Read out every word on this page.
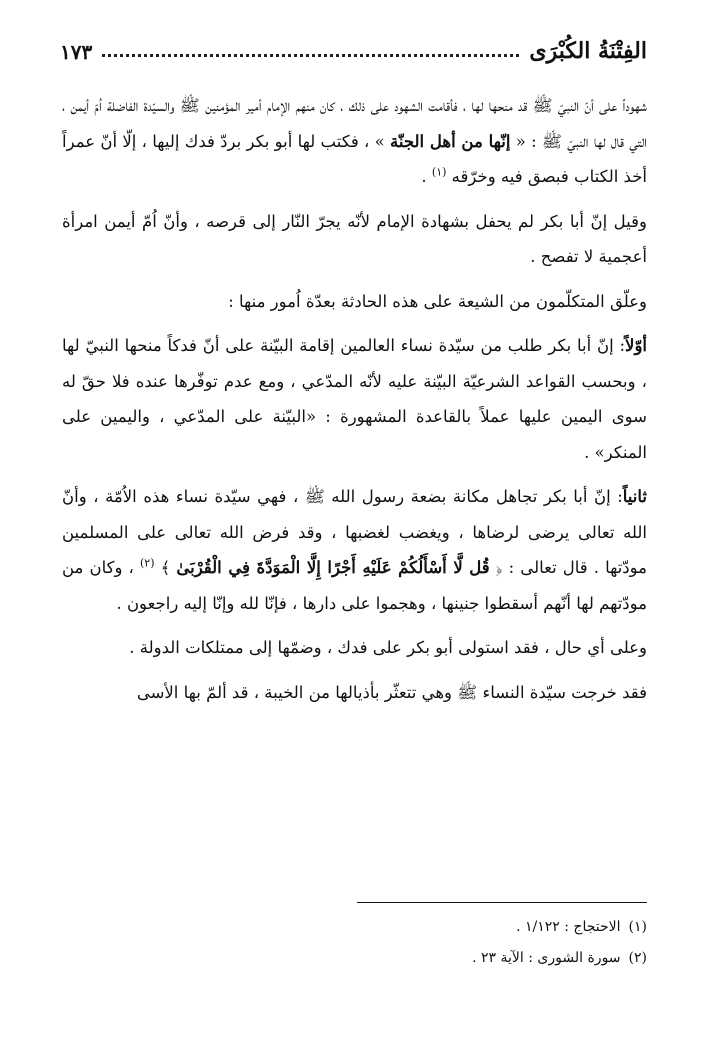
١٧٣	الفِتْنَةُ الكُبْرَى

شهوداً على أنّ النبيّ ﷺ قد منحها لها ، فأقامت الشهود على ذلك ، كان منهم الإمام أمير المؤمنين ﷺ والسيّدة الفاضلة اُمّ أيمن ، التي قال لها النبيّ ﷺ : « إنّها من أهل الجنّة » ، فكتب لها أبو بكر بردّ فدك إليها ، إلّا أنّ عمراً أخذ الكتاب فبصق فيه وخرّقه $^{(١)}$ .

وقيل إنّ أبا بكر لم يحفل بشهادة الإمام لأنّه يجرّ النّار إلى قرصه ، وأنّ اُمّ أيمن امرأة أعجمية لا تفصح .

وعلّق المتكلّمون من الشيعة على هذه الحادثة بعدّة اُمور منها :

أوّلاً: إنّ أبا بكر طلب من سيّدة نساء العالمين إقامة البيّنة على أنّ فدكاً منحها النبيّ لها ، وبحسب القواعد الشرعيّة البيّنة عليه لأنّه المدّعي ، ومع عدم توفّرها عنده فلا حقّ له سوى اليمين عليها عملاً بالقاعدة المشهورة : «البيّنة على المدّعي ، واليمين على المنكر» .

ثانياً: إنّ أبا بكر تجاهل مكانة بضعة رسول الله ﷺ ، فهي سيّدة نساء هذه الاُمّة ، وأنّ الله تعالى يرضى لرضاها ، ويغضب لغضبها ، وقد فرض الله تعالى على المسلمين مودّتها . قال تعالى : ﴿ قُل لَّا أَسْأَلُكُمْ عَلَيْهِ أَجْرًا إِلَّا الْمَوَدَّةَ فِي الْقُرْبَىٰ ﴾ $^{(٢)}$ ، وكان من مودّتهم لها أنّهم أسقطوا جنينها ، وهجموا على دارها ، فإنّا لله وإنّا إليه راجعون .

وعلى أي حال ، فقد استولى أبو بكر على فدك ، وضمّها إلى ممتلكات الدولة .

فقد خرجت سيّدة النساء ﷺ وهي تتعثّر بأذيالها من الخيبة ، قد ألمّ بها الأسى

(١)الاحتجاج : ١/١٢٢ .
(٢)سورة الشورى : الآية ٢٣ .
